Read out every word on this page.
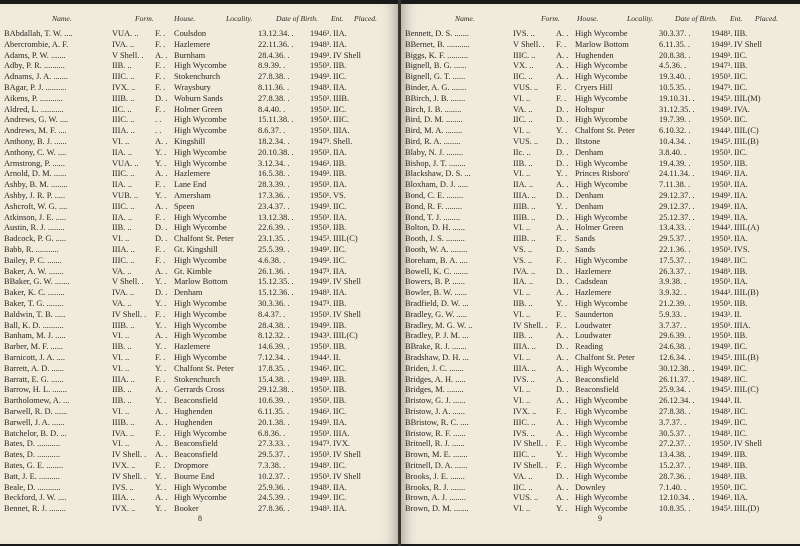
Name.	Form.	House.	Locality.	Date of Birth. Ent. Placed.
BAbdallah, T. W. ....	VUA. ..	F. .	Coulsdon	13.12.34. .	1946³. IIA.
Abercrombie, A. F.	IVA. ..	F. .	Hazlemere	22.11.36. .	1948³. IIA.
Adams, P. W. .......	V Shell. .	A. . Burnham	28.4.36. .	1949³. IV Shell
Adby, P. R. ..........	IIB. ..	F. .	High Wycombe	8.9.39. .	1950³. IIB.
Adnams, J. A. .......	IIIC. ..	F. .	Stokenchurch	27.8.38. .	1949³. IIC.
BAgar, P. J. ..........	IVX. ..	F. .	Wraysbury	8.11.36. .	1948³. IIA.
Aikens, P. ...........	IIIB. ..	D. . Woburn Sands	27.8.38. .	1950³. IIIB.
Aldred, L. ...........	IIC. ..	F. .	Holmer Green	8.4.40. .	1950³. IIC.
Andrews, G. W. ....	IIIC. ..	. .	High Wycombe	15.11.38. .	1950³. IIIC.
Andrews, M. F. ....	IIIA. ..	. .	High Wycombe	8.6.37. .	1950³. IIIA.
Anthony, B. J. ......	VI. ..	A. . Kingshill	18.2.34. .	1947³. Shell.
Anthony, C. W. ....	IIA. ..	Y. . High Wycombe	20.10.38. .	1950³. IIA.
Armstrong, P. ......	VUA. ..	Y. . High Wycombe	3.12.34. .	1946³. IIB.
Arnold, D. M. ......	IIIC. ..	A. . Hazlemere	16.5.38. .	1949³. IIB.
Ashby, B. M. ........	IIA. ..	F. .	Lane End	28.3.39. .	1950³. IIA.
Ashby, J. R. P. .....	VUB. ..	Y. . Amersham	17.3.36. .	1950¹. VS.
Ashcroft, W. G. ....	IIIC. ..	A. . Speen	23.4.37. .	1949³. IIC.
Atkinson, J. E. .....	IIA. ..	F. .	High Wycombe	13.12.38. .	1950³. IIA.
Austin, R. J. ........	IIB. ..	D. . High Wycombe	22.6.39. .	1950³. IIB.
Badcock, P. G. .....	VI. ..	D. . Chalfont St. Peter	23.1.35. .	1945³. IIIL(C)
Babb, R. ...........	IIIA. ..	F. .	Gt. Kingshill	25.5.39. .	1949³. IIC.
Bailey, P. C. .......	IIIC. ..	F. .	High Wycombe	4.6.38. .	1949³. IIC.
Baker, A. W. .......	VA. ..	A. . Gt. Kimble	26.1.36. .	1947³. IIA.
BBaker, G. W. .......	V Shell. .	Y. . Marlow Bottom	15.12.35. .	1949³. IV Shell
Baker, K. C. ........	IVA. ..	D. . Denham	15.12.36. .	1948³. IIA.
Baker, T. G. ........	VA. ..	Y. . High Wycombe	30.3.36. .	1947³. IIB.
Baldwin, T. B. .....	IV Shell. .	F. .	High Wycombe	8.4.37. .	1950³. IV Shell
Ball, K. D. ..........	IIIB. ..	Y. . High Wycombe	28.4.38. .	1949³. IIB.
Banham, M. J. .....	VI. ..	A. . High Wycombe	8.12.32. .	1943³. IIIL(C)
Barber, M. F. ......	IIB. ..	Y. . Hazlemere	14.6.39. .	1950³. IIB.
Barnicott, J. A. ....	VI. ..	F. .	High Wycombe	7.12.34. .	1944³. II.
Barrett, A. D. ......	VI. ..	Y. . Chalfont St. Peter	17.8.35. .	1946³. IIC.
Barratt, E. G. ......	IIIA. ..	F. .	Stokenchurch	15.4.38. .	1949³. IIB.
Barrow, H. L. .......	IIB. ..	A. . Gerrards Cross	29.12.38. .	1950³. IIB.
Bartholomew, A. ...	IIB. ..	Y. . Beaconsfield	10.6.39. .	1950³. IIB.
Barwell, R. D. ......	VI. ..	A. . Hughenden	6.11.35. .	1946³. IIC.
Barwell, J. A. ......	IIIB. ..	A. . Hughenden	20.1.38. .	1949³. IIA.
Batchelor, B. D. ...	IVA. ..	F. .	High Wycombe	6.8.36. .	1950³. IIIA.
Bates, D. ...........	VI. ..	A. . Beaconsfield	27.3.33. .	1947³. IVX.
Bates, D. ...........	IV Shell. .	A. . Beaconsfield	29.5.37. .	1950³. IV Shell
Bates, G. E. ........	IVX. ..	F. .	Dropmore	7.3.38. .	1948³. IIC.
Batt, J. E. ..........	IV Shell. .	Y. . Bourne End	10.2.37. .	1950³. IV Shell
Beale, D. ...........	IVS. ..	Y. . High Wycombe	25.9.36. .	1948³. IIA.
Beckford, J. W. ....	IIIA. ..	A. . High Wycombe	24.5.39. .	1949³. IIC.
Bennet, R. J. ........	IVX. ..	Y. . Booker	27.8.36. .	1948³. IIA.
8
Name.	Form. House.	Locality.	Date of Birth. Ent. Placed.
Bennett, D. S. .......	IVS. ..	A. . High Wycombe	30.3.37. .	1948³. IIB.
BBernet, B. ...........	V Shell. .	F. .	Marlow Bottom	6.11.35. .	1949³. IV Shell
Biggs, K. F. ..........	IIIC. ..	A. . Hughenden	20.8.38. .	1949³. IIC.
Bignell, B. G. ......	VX. ..	A. . High Wycombe	4.5.36. .	1947³. IIB.
Bignell, G. T. ......	IIC. ..	A. . High Wycombe	19.3.40. .	1950³. IIC.
Binder, A. G. .......	VUS. ..	F. .	Cryers Hill	10.5.35. .	1947³. IIC.
BBirch, J. B. .......	VI. ..	F. .	High Wycombe	19.10.31. .	1945³. IIIL(M)
Birch, I. B. ........	VA. ..	D. . Holtspur	31.12.35. .	1949³. IVA.
Bird, D. M. ........	IIC. ..	D. . High Wycombe	19.7.39. .	1950³. IIC.
Bird, M. A. ........	VI. ..	Y. . Chalfont St. Peter	6.10.32. .	1944³. IIIL(C)
Bird, R. A. ........	VUS. ..	D. . Iltstone	10.4.34. .	1945³. IIIL(B)
Blaby, N. J. ........	IIc. ..	D. . Denham	3.8.40. .	1950³. IIC.
Bishop, J. T. ........	IIB. ..	D. . High Wycombe	19.4.39. .	1950³. IIB.
Blackshaw, D. S. ...	VI. ..	Y. . Princes Risboro'	24.11.34. .	1946³. IIA.
Bloxham, D. J. .....	IIA. ..	A. . High Wycombe	7.11.38. .	1950³. IIA.
Bond, C. E. ........	IIIA. ..	D. . Denham	29.12.37. .	1949³. IIA.
Bond, R. F. ........	IIIB. ..	Y. . Denham	29.12.37. .	1949³. IIA.
Bond, T. J. ........	IIIB. ..	D. . High Wycombe	25.12.37. .	1949³. IIA.
Bolton, D. H. ......	VI. ..	A. . Holmer Green	13.4.33. .	1944³. IIIL(A)
Booth, J. S. .........	IIIB. ..	F. .	Sands	29.5.37. .	1950³. IIA.
Booth, W. A. ........	VS. ..	D. . Sands	22.1.36. .	1950³. IVS.
Boreham, B. A. ....	VS. ..	F. .	High Wycombe	17.5.37. .	1948³. IIC.
Bowell, K. C. .......	IVA. ..	D. . Hazlemere	26.3.37. .	1948³. IIB.
Bowers, B. P. ......	IIA. ..	D. . Cadsdean	3.9.38. .	1950³. IIA.
Bowler, B. W. ......	VI. ..	A. . Hazlemere	3.9.32. .	1944³. IIIL(B)
Bradfield, D. W. ...	IIB. ..	Y. . High Wycombe	21.2.39. .	1950³. IIB.
Bradley, G. W. .....	VI. ..	F. .	Saunderton	5.9.33. .	1943³. II.
Bradley, M. G. W. ..	IV Shell. .	F. .	Loudwater	3.7.37. .	1950³. IIIA.
Bradley, P. J. M. ...	IIB. ..	A. . Loudwater	29.6.39. .	1950³. IIB.
BBrake, R. J. .......	IIIA. ..	D. . Reading	24.6.38. .	1949³. IIC.
Bradshaw, D. H. ...	VI. ..	A. . Chalfont St. Peter	12.6.34. .	1945³. IIIL(B)
Briden, J. C. .......	IIIA. ..	A. . High Wycombe	30.12.38. .	1949³. IIC.
Bridges, A. H. .....	IVS. ..	A. . Beaconsfield	26.11.37. .	1948³. IIC.
Bridges, M. ........	VI. ..	D. . Beaconsfield	25.9.34. .	1945³. IIIL(C)
Bristow, G. J. ......	VI. ..	A. . High Wycombe	26.12.34. .	1944³. II.
Bristow, J. A. ......	IVX. ..	F. .	High Wycombe	27.8.38. .	1948³. IIC.
BBristow, R. C. ....	IIIC. ..	A. . High Wycombe	3.7.37. .	1949³. IIC.
Bristow, R. F. ......	IVS. ..	A. . High Wycombe	30.5.37. .	1948³. IIC.
Britnell, R. J. ......	IV Shell. .	F. .	High Wycombe	27.2.37. .	1950³. IV Shell
Brown, M. E. .......	IIIC. ..	Y. . High Wycombe	13.4.38. .	1949³. IIB.
Britnell, D. A. ......	IV Shell. .	F. .	High Wycombe	15.2.37. .	1948³. IIB.
Brooks, J. E. .......	VA. ..	D. . High Wycombe	28.7.36. .	1948³. IIB.
Brooks, R. J. .......	IIC. ..	A. . Downley	7.1.40. .	1950³. IIC.
Brown, A. J. ........	VUS. ..	A. . High Wycombe	12.10.34. .	1946³. IIA.
Brown, D. M. .......	VI. ..	Y. . High Wycombe	10.8.35. .	1945³. IIIL(D)
9
